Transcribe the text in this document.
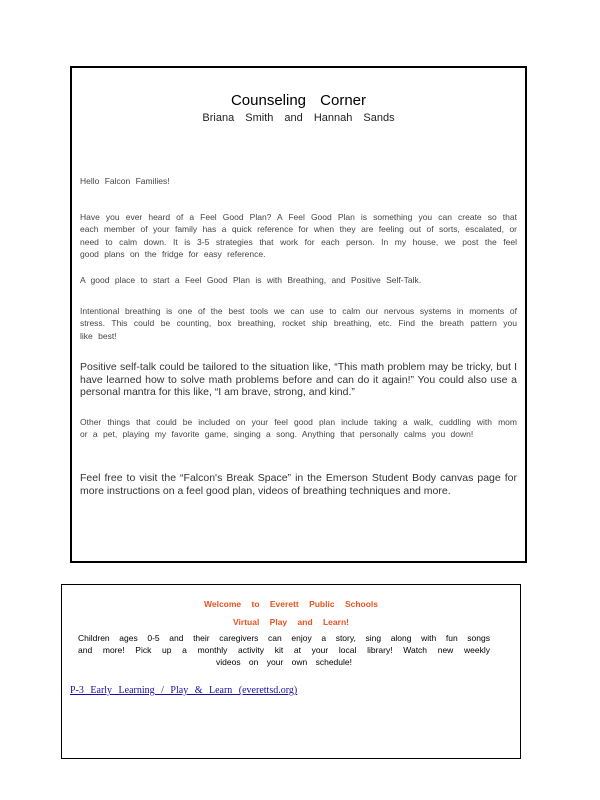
Counseling Corner
Briana Smith and Hannah Sands

Hello Falcon Families!

Have you ever heard of a Feel Good Plan? A Feel Good Plan is something you can create so that each member of your family has a quick reference for when they are feeling out of sorts, escalated, or need to calm down. It is 3-5 strategies that work for each person. In my house, we post the feel good plans on the fridge for easy reference.

A good place to start a Feel Good Plan is with Breathing, and Positive Self-Talk.

Intentional breathing is one of the best tools we can use to calm our nervous systems in moments of stress. This could be counting, box breathing, rocket ship breathing, etc. Find the breath pattern you like best!

Positive self-talk could be tailored to the situation like, “This math problem may be tricky, but I have learned how to solve math problems before and can do it again!” You could also use a personal mantra for this like, “I am brave, strong, and kind.”

Other things that could be included on your feel good plan include taking a walk, cuddling with mom or a pet, playing my favorite game, singing a song. Anything that personally calms you down!

Feel free to visit the “Falcon's Break Space” in the Emerson Student Body canvas page for more instructions on a feel good plan, videos of breathing techniques and more.

Welcome to Everett Public Schools
Virtual Play and Learn!

Children ages 0-5 and their caregivers can enjoy a story, sing along with fun songs and more! Pick up a monthly activity kit at your local library! Watch new weekly videos on your own schedule!

P-3 Early Learning / Play & Learn (everettsd.org)
